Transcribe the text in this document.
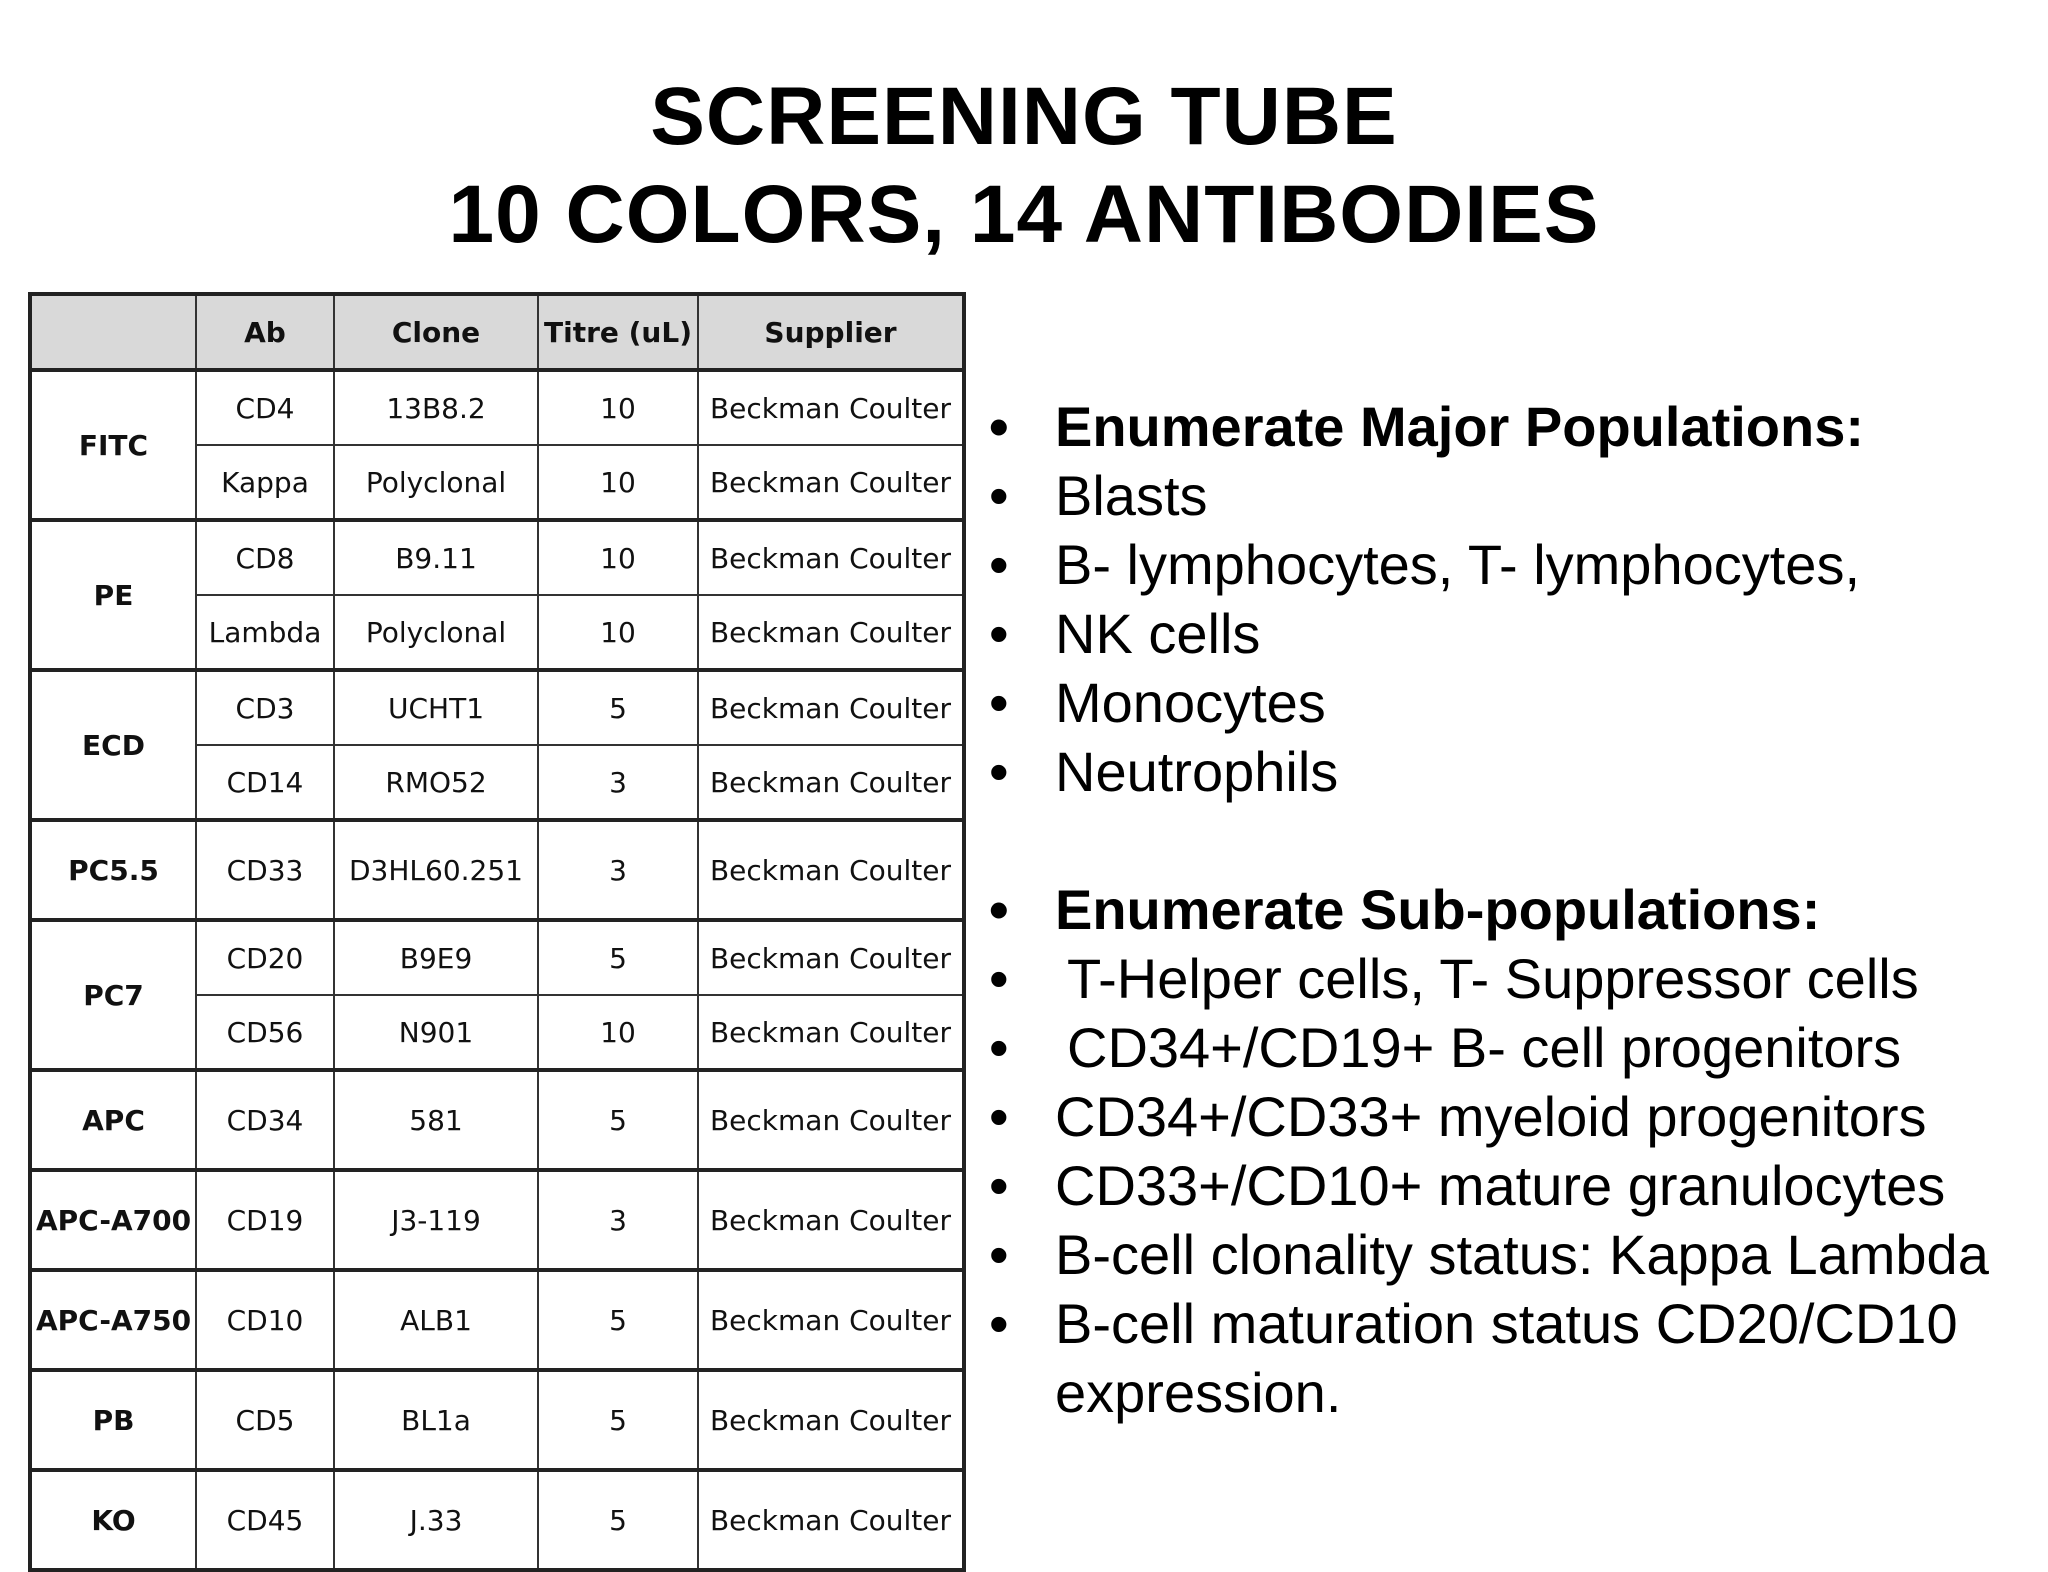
SCREENING TUBE
10 COLORS, 14 ANTIBODIES
	Ab	Clone	Titre (uL)	Supplier
FITC	CD4	13B8.2	10	Beckman Coulter
	Kappa	Polyclonal	10	Beckman Coulter
PE	CD8	B9.11	10	Beckman Coulter
	Lambda	Polyclonal	10	Beckman Coulter
ECD	CD3	UCHT1	5	Beckman Coulter
	CD14	RMO52	3	Beckman Coulter
PC5.5	CD33	D3HL60.251	3	Beckman Coulter
PC7	CD20	B9E9	5	Beckman Coulter
	CD56	N901	10	Beckman Coulter
APC	CD34	581	5	Beckman Coulter
APC-A700	CD19	J3-119	3	Beckman Coulter
APC-A750	CD10	ALB1	5	Beckman Coulter
PB	CD5	BL1a	5	Beckman Coulter
KO	CD45	J.33	5	Beckman Coulter
• Enumerate Major Populations:
• Blasts
• B- lymphocytes, T- lymphocytes,
• NK cells
• Monocytes
• Neutrophils
• Enumerate Sub-populations:
• T-Helper cells, T- Suppressor cells
• CD34+/CD19+ B- cell progenitors
• CD34+/CD33+ myeloid progenitors
• CD33+/CD10+ mature granulocytes
• B-cell clonality status: Kappa Lambda
• B-cell maturation status CD20/CD10 expression.
